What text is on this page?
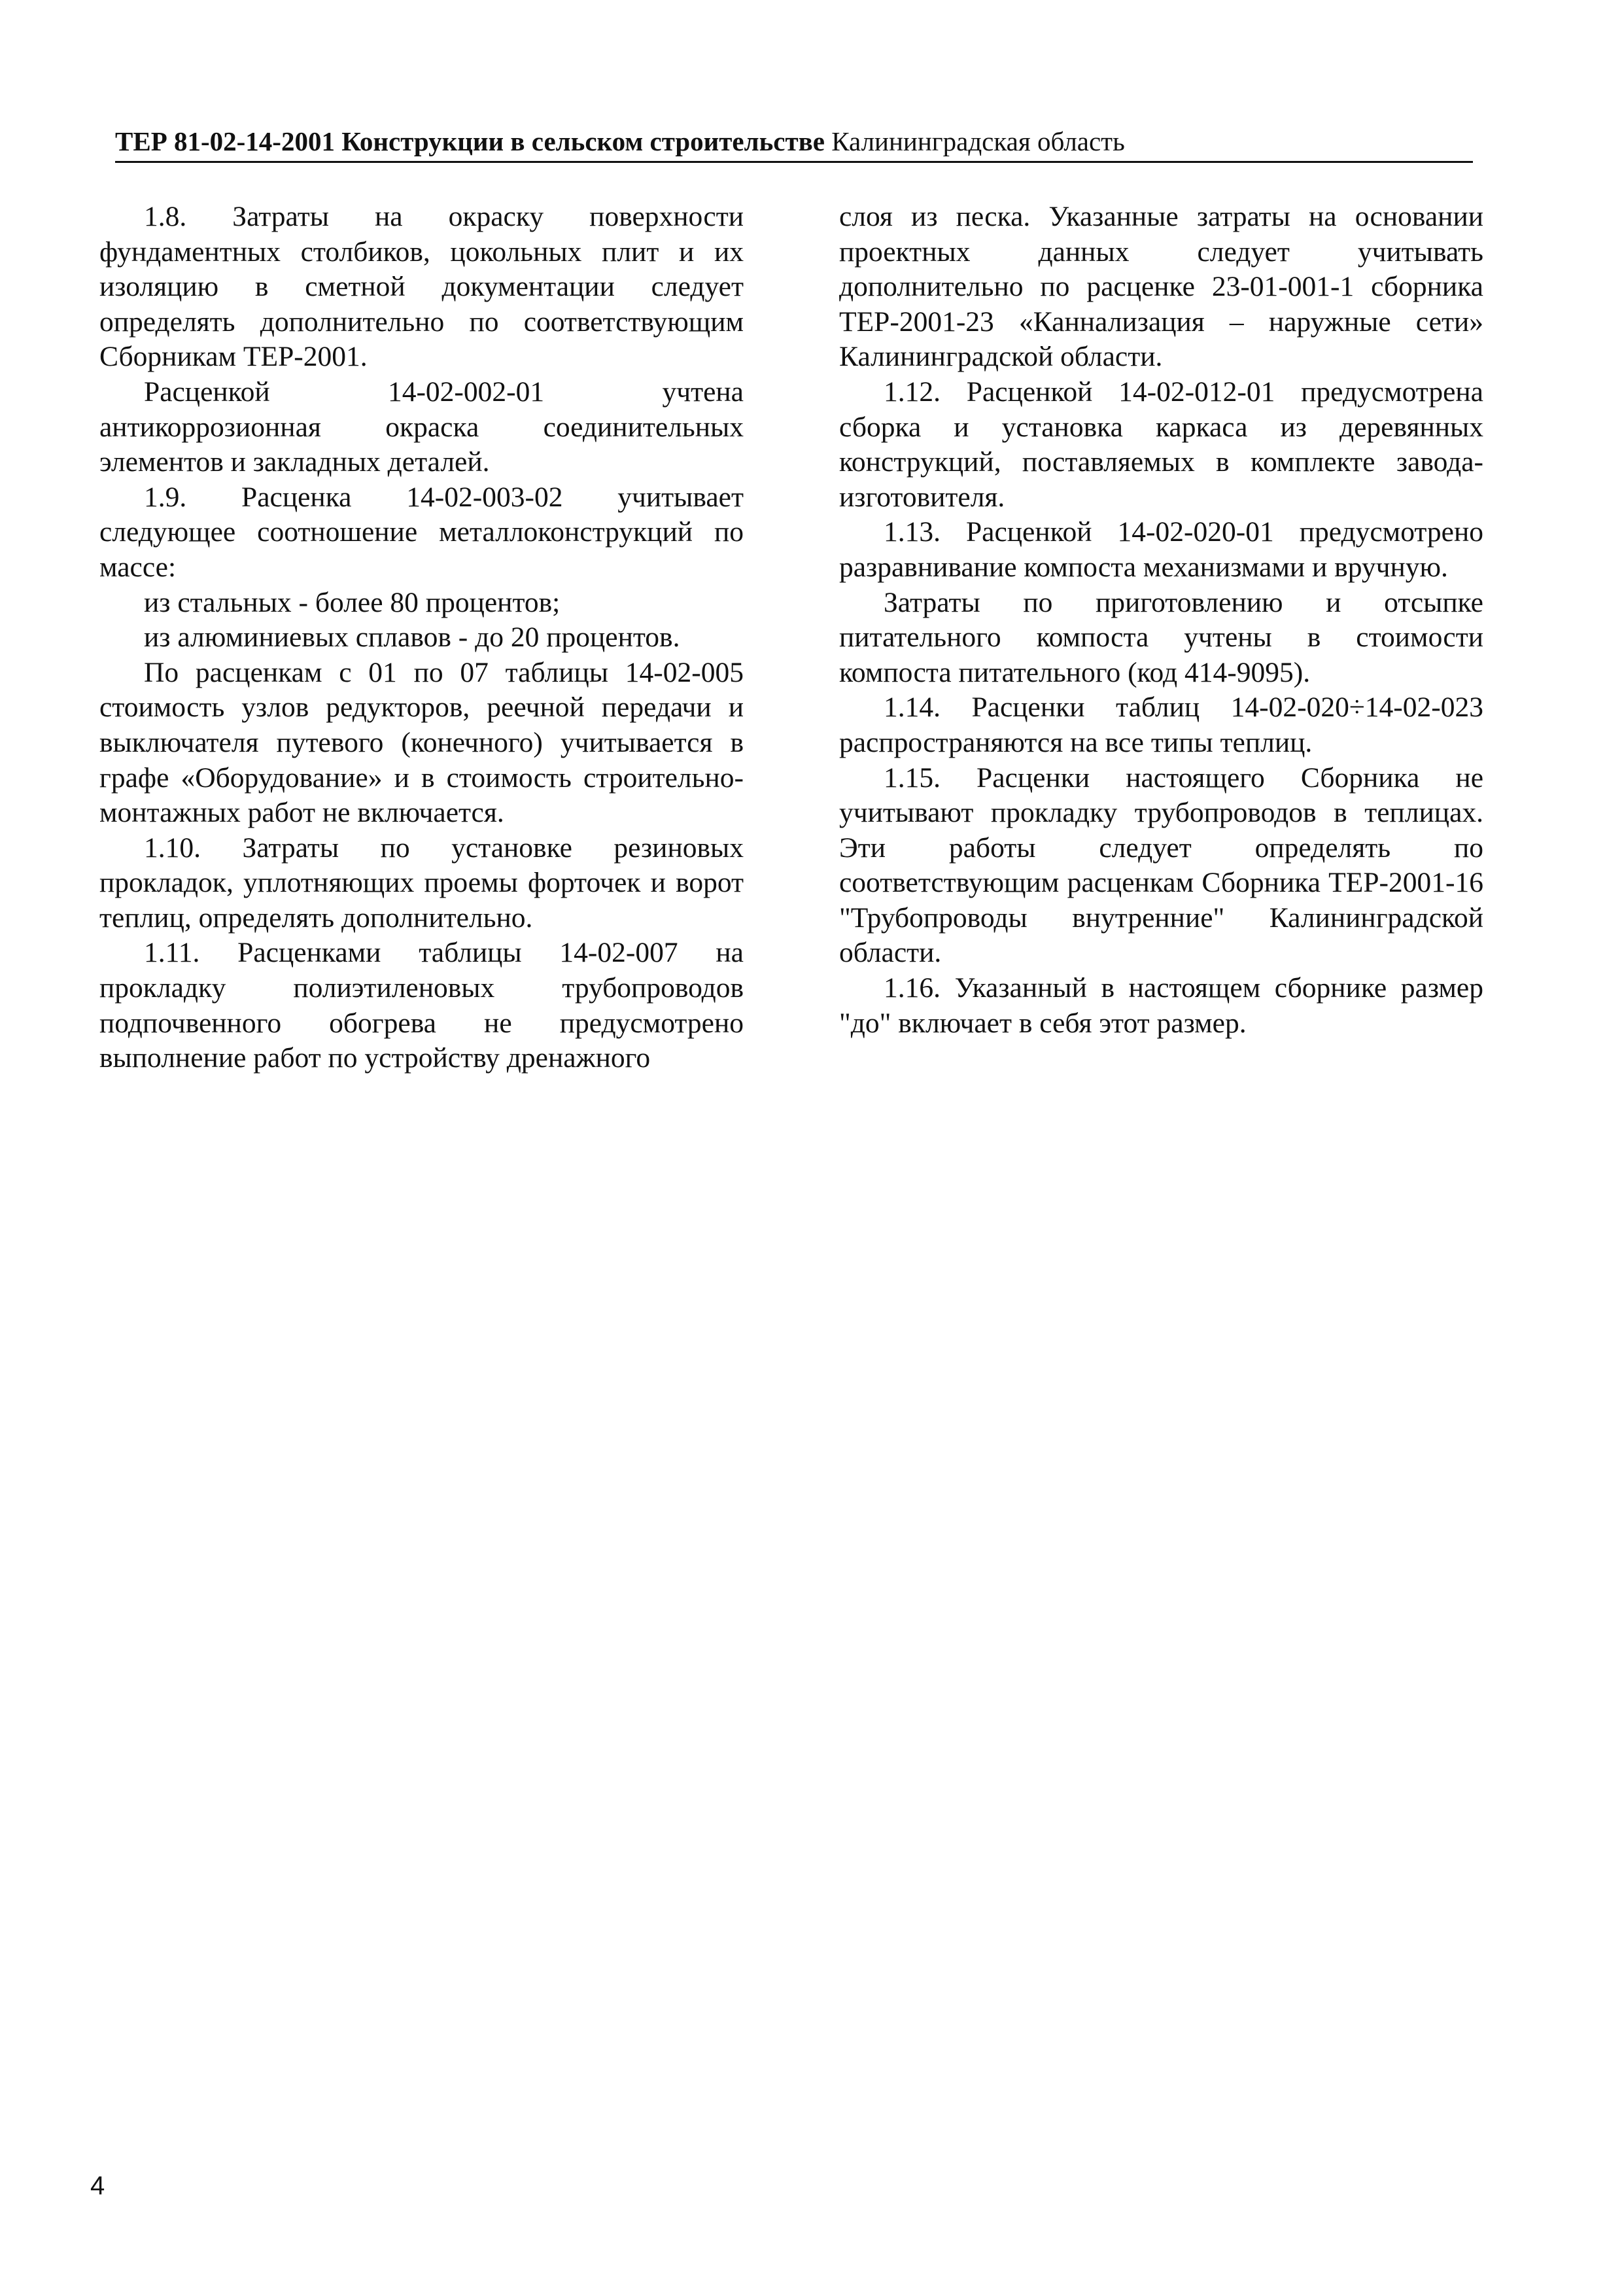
ТЕР 81-02-14-2001 Конструкции в сельском строительстве Калининградская область

1.8. Затраты на окраску поверхности фундаментных столбиков, цокольных плит и их изоляцию в сметной документации следует определять дополнительно по соответствующим Сборникам ТЕР-2001.

Расценкой 14-02-002-01 учтена антикоррозионная окраска соединительных элементов и закладных деталей.

1.9. Расценка 14-02-003-02 учитывает следующее соотношение металлоконструкций по массе:

из стальных - более 80 процентов;

из алюминиевых сплавов - до 20 процентов.

По расценкам с 01 по 07 таблицы 14-02-005 стоимость узлов редукторов, реечной передачи и выключателя путевого (конечного) учитывается в графе «Оборудование» и в стоимость строительно-монтажных работ не включается.

1.10. Затраты по установке резиновых прокладок, уплотняющих проемы форточек и ворот теплиц, определять дополнительно.

1.11. Расценками таблицы 14-02-007 на прокладку полиэтиленовых трубопроводов подпочвенного обогрева не предусмотрено выполнение работ по устройству дренажного

слоя из песка. Указанные затраты на основании проектных данных следует учитывать дополнительно по расценке 23-01-001-1 сборника ТЕР-2001-23 «Каннализация – наружные сети» Калининградской области.

1.12. Расценкой 14-02-012-01 предусмотрена сборка и установка каркаса из деревянных конструкций, поставляемых в комплекте завода-изготовителя.

1.13. Расценкой 14-02-020-01 предусмотрено разравнивание компоста механизмами и вручную.

Затраты по приготовлению и отсыпке питательного компоста учтены в стоимости компоста питательного (код 414-9095).

1.14. Расценки таблиц 14-02-020÷14-02-023 распространяются на все типы теплиц.

1.15. Расценки настоящего Сборника не учитывают прокладку трубопроводов в теплицах. Эти работы следует определять по соответствующим расценкам Сборника ТЕР-2001-16 "Трубопроводы внутренние" Калининградской области.

1.16. Указанный в настоящем сборнике размер "до" включает в себя этот размер.

4
